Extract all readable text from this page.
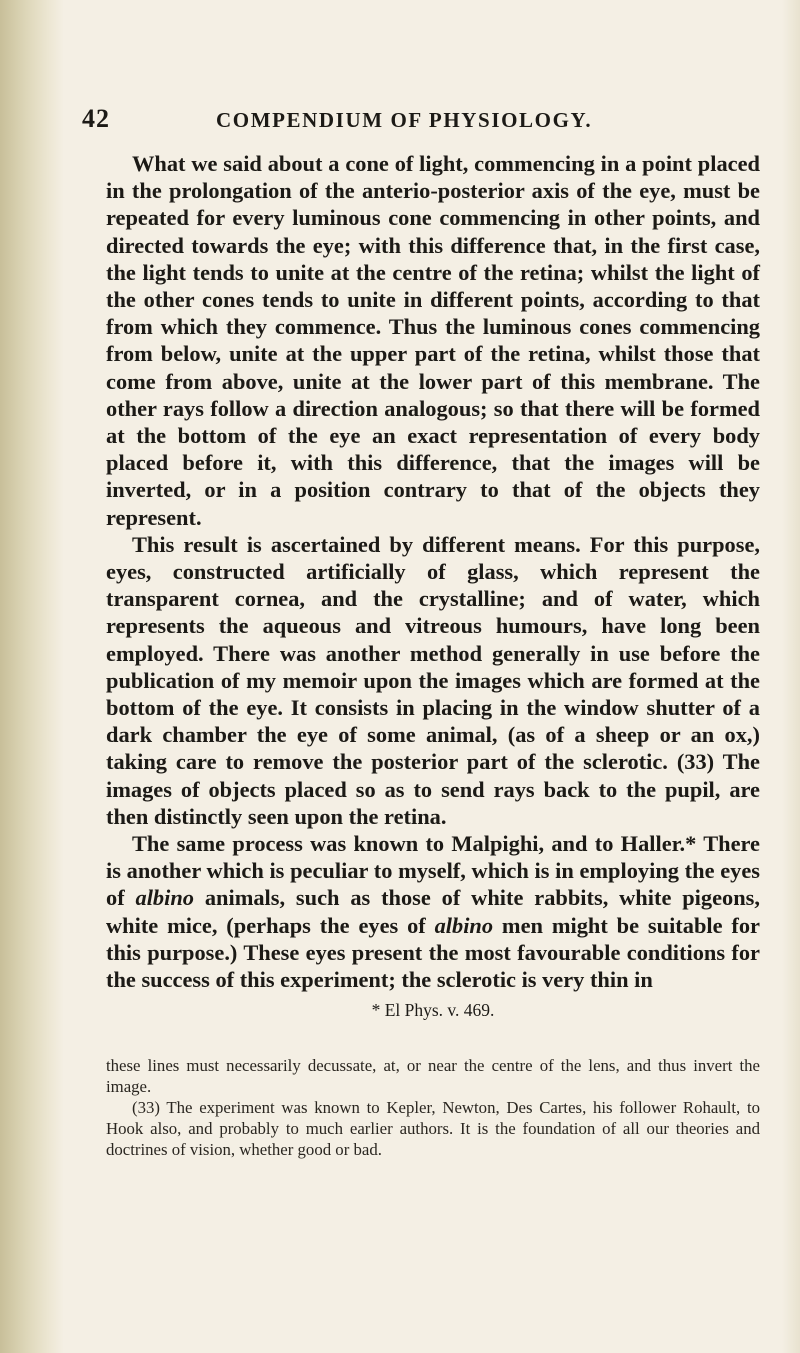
42	COMPENDIUM OF PHYSIOLOGY.

What we said about a cone of light, commencing in a point placed in the prolongation of the anterio-posterior axis of the eye, must be repeated for every luminous cone commencing in other points, and directed towards the eye; with this difference that, in the first case, the light tends to unite at the centre of the retina; whilst the light of the other cones tends to unite in different points, according to that from which they commence. Thus the luminous cones commencing from below, unite at the upper part of the retina, whilst those that come from above, unite at the lower part of this membrane. The other rays follow a direction analogous; so that there will be formed at the bottom of the eye an exact representation of every body placed before it, with this difference, that the images will be inverted, or in a position contrary to that of the objects they represent.

This result is ascertained by different means. For this purpose, eyes, constructed artificially of glass, which represent the transparent cornea, and the crystalline; and of water, which represents the aqueous and vitreous humours, have long been employed. There was another method generally in use before the publication of my memoir upon the images which are formed at the bottom of the eye. It consists in placing in the window shutter of a dark chamber the eye of some animal, (as of a sheep or an ox,) taking care to remove the posterior part of the sclerotic. (33) The images of objects placed so as to send rays back to the pupil, are then distinctly seen upon the retina.

The same process was known to Malpighi, and to Haller.* There is another which is peculiar to myself, which is in employing the eyes of albino animals, such as those of white rabbits, white pigeons, white mice, (perhaps the eyes of albino men might be suitable for this purpose.) These eyes present the most favourable conditions for the success of this experiment; the sclerotic is very thin in

* El Phys. v. 469.

these lines must necessarily decussate, at, or near the centre of the lens, and thus invert the image.

(33) The experiment was known to Kepler, Newton, Des Cartes, his follower Rohault, to Hook also, and probably to much earlier authors. It is the foundation of all our theories and doctrines of vision, whether good or bad.
